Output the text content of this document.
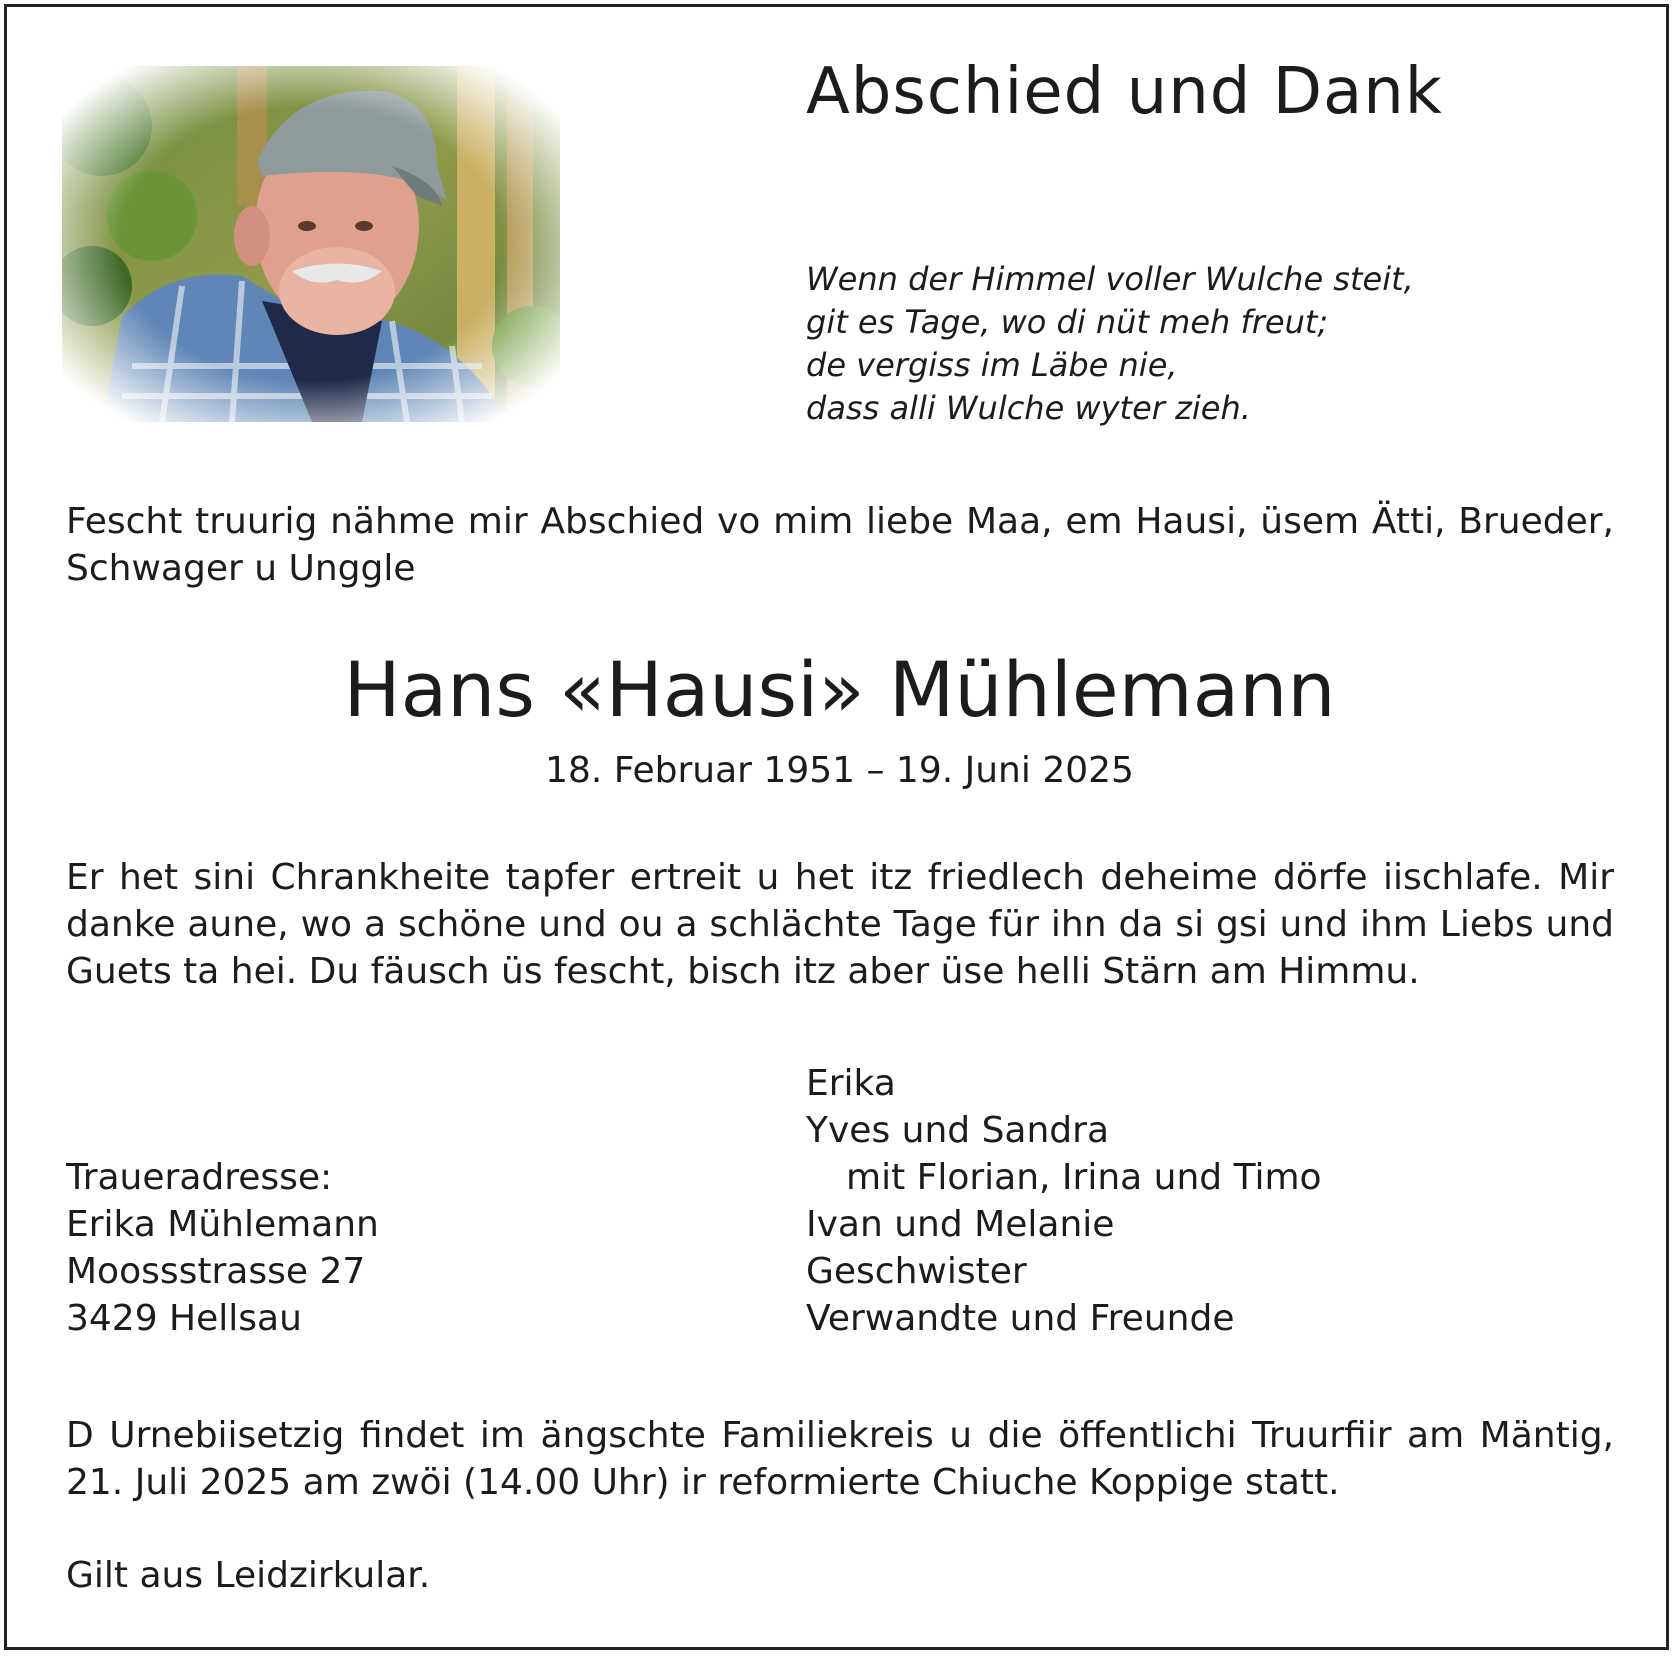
Abschied und Dank
Wenn der Himmel voller Wulche steit,
git es Tage, wo di nüt meh freut;
de vergiss im Läbe nie,
dass alli Wulche wyter zieh.
Fescht truurig nähme mir Abschied vo mim liebe Maa, em Hausi, üsem Ätti, Brueder, Schwager u Unggle
Hans «Hausi» Mühlemann
18. Februar 1951 – 19. Juni 2025
Er het sini Chrankheite tapfer ertreit u het itz friedlech deheime dörfe iischlafe. Mir danke aune, wo a schöne und ou a schlächte Tage für ihn da si gsi und ihm Liebs und Guets ta hei. Du fäusch üs fescht, bisch itz aber üse helli Stärn am Himmu.
Traueradresse:
Erika Mühlemann
Moossstrasse 27
3429 Hellsau
Erika
Yves und Sandra
mit Florian, Irina und Timo
Ivan und Melanie
Geschwister
Verwandte und Freunde
D Urnebiisetzig findet im ängschte Familiekreis u die öffentlichi Truurfiir am Mäntig, 21. Juli 2025 am zwöi (14.00 Uhr) ir reformierte Chiuche Koppige statt.
Gilt aus Leidzirkular.
